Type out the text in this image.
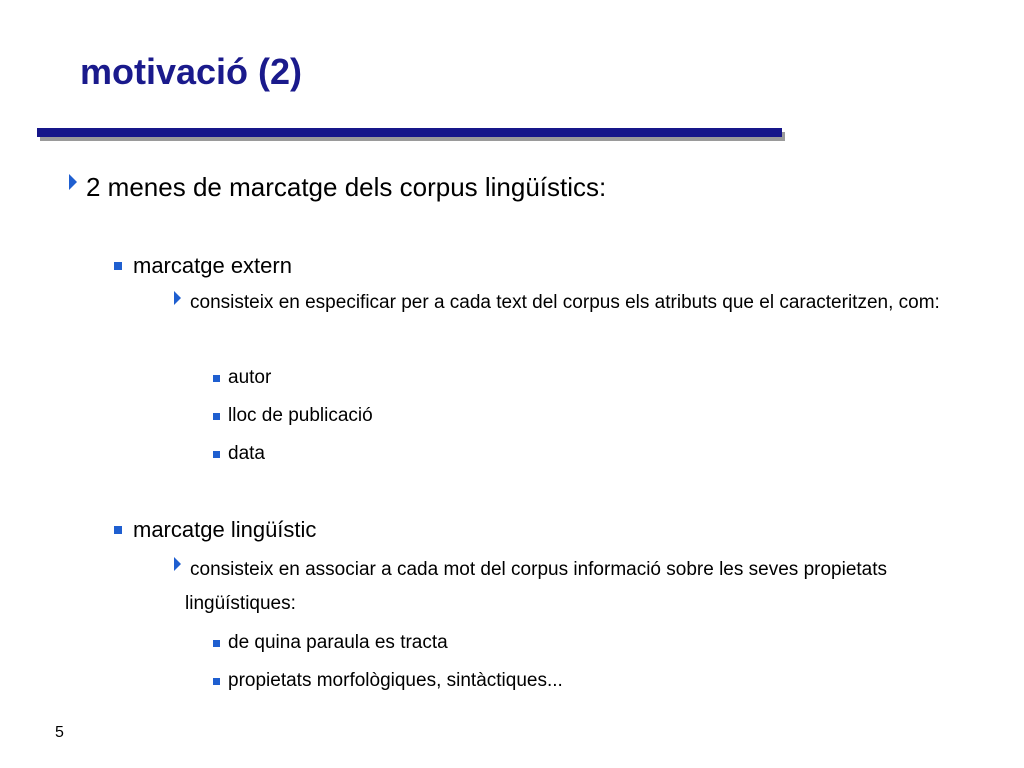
motivació (2)
2 menes de marcatge dels corpus lingüístics:
marcatge extern
consisteix en especificar per a cada text del corpus els atributs que el caracteritzen, com:
autor
lloc de publicació
data
marcatge lingüístic
consisteix en associar a cada mot del corpus informació sobre les seves propietats lingüístiques:
de quina paraula es tracta
propietats morfològiques, sintàctiques...
5
